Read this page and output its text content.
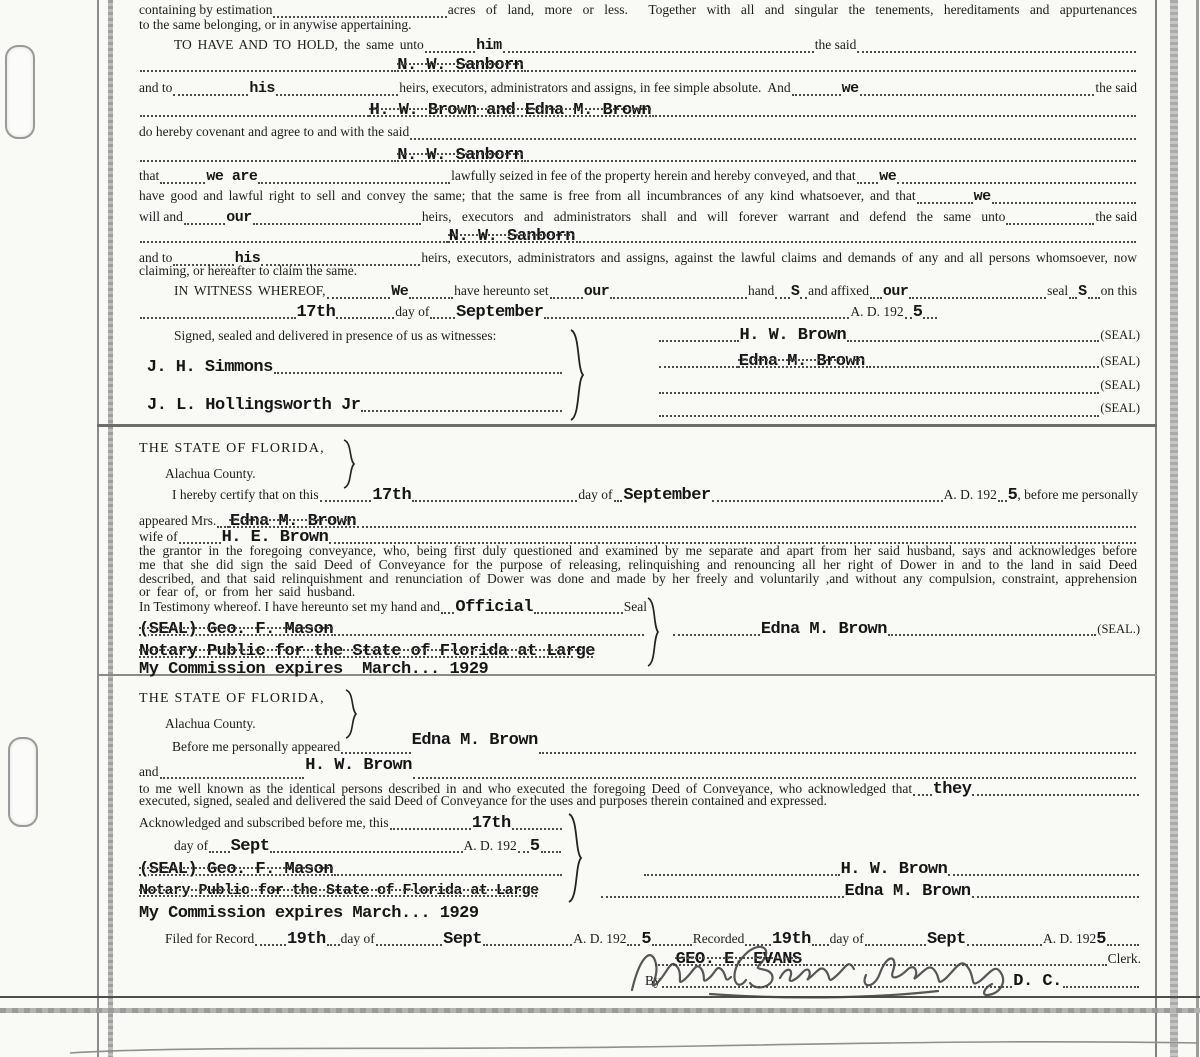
containing by estimation	acres of land, more or less.  Together with all and singular the tenements, hereditaments and appurtenances
to the same belonging, or in anywise appertaining.
TO HAVE AND TO HOLD, the same unto	him	the said
N. W. Sanborn
and to	his	heirs, executors, administrators and assigns, in fee simple absolute.  And	we	the said
H. W. Brown and Edna M. Brown
do hereby covenant and agree to and with the said
N. W. Sanborn
that	we are	lawfully seized in fee of the property herein and hereby conveyed, and that we
have good and lawful right to sell and convey the same; that the same is free from all incumbrances of any kind whatsoever, and that	we
will and	our	heirs, executors and administrators shall and will forever warrant and defend the same unto	the said
N. W. Sanborn
and to	his	heirs, executors, administrators and assigns, against the lawful claims and demands of any and all persons whomsoever, now
claiming, or hereafter to claim the same.
IN WITNESS WHEREOF,	We	have hereunto set our	hand S and affixed our	seal S on this
17th	day of September	A. D. 192 5
Signed, sealed and delivered in presence of us as witnesses:
J. H. Simmons
J. L. Hollingsworth Jr
H. W. Brown	(SEAL)
Edna M. Brown	(SEAL)
(SEAL)
(SEAL)
THE STATE OF FLORIDA,
Alachua County.
I hereby certify that on this	17th	day of September	A. D. 192 5 , before me personally
appeared Mrs. Edna M. Brown
wife of	H. E. Brown

the grantor in the foregoing conveyance, who, being first duly questioned and examined by me separate and apart from her said husband, says and acknowledges before me that she did sign the said Deed of Conveyance for the purpose of releasing, relinquishing and renouncing all her right of Dower in and to the land in said Deed described, and that said relinquishment and renunciation of Dower was done and made by her freely and voluntarily ,and without any compulsion, constraint, apprehension or fear of, or from her said husband.

In Testimony whereof. I have hereunto set my hand and Official	Seal
(SEAL) Geo. F. Mason	Edna M. Brown	(SEAL.)
Notary Public for the State of Florida at Large
My Commission expires  March... 1929
THE STATE OF FLORIDA,
Alachua County.
Before me personally appeared	Edna M. Brown
and	H. W. Brown
to me well known as the identical persons described in and who executed the foregoing Deed of Conveyance, who acknowledged that they
executed, signed, sealed and delivered the said Deed of Conveyance for the uses and purposes therein contained and expressed.
Acknowledged and subscribed before me, this	17th
day of Sept	A. D. 192 5
(SEAL) Geo. F. Mason	H. W. Brown
Notary Public for the State of Florida at Large	Edna M. Brown
My Commission expires March... 1929
Filed for Record 19th day of	Sept	A. D. 192 5	Recorded 19th day of	Sept	A. D. 192 5
GEO. E. EVANS	Clerk.
By	D. C.
